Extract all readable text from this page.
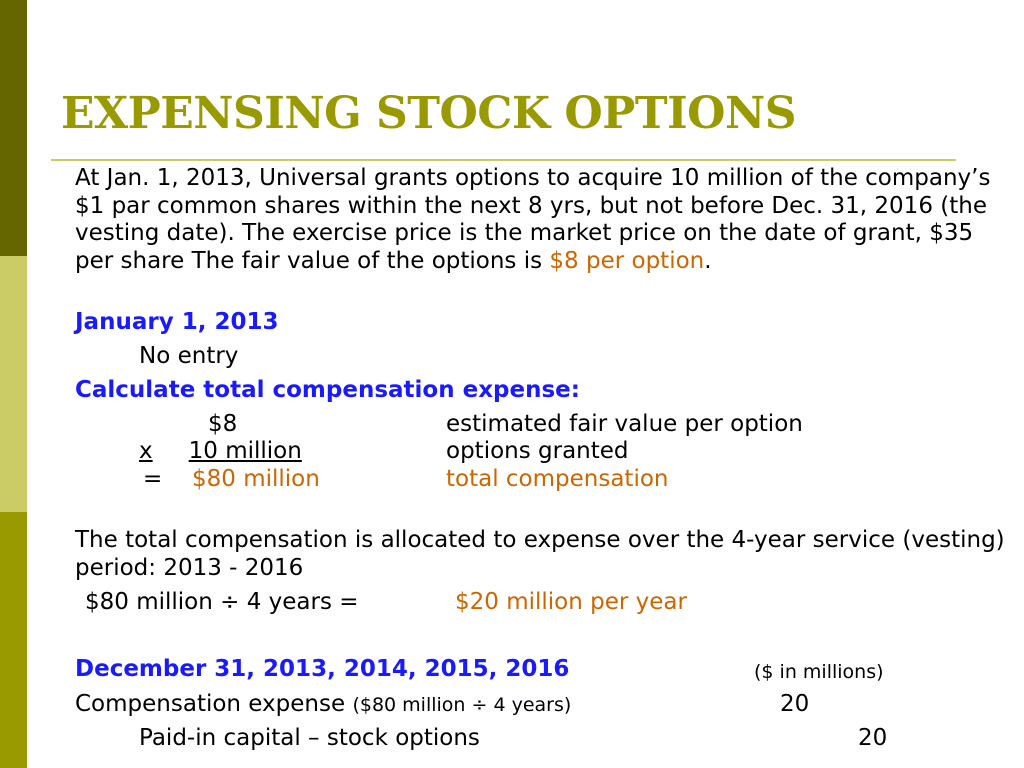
EXPENSING STOCK OPTIONS
At Jan. 1, 2013, Universal grants options to acquire 10 million of the company’s $1 par common shares within the next 8 yrs, but not before Dec. 31, 2016 (the vesting date). The exercise price is the market price on the date of grant, $35 per share The fair value of the options is $8 per option.
January 1, 2013
No entry
Calculate total compensation expense:
$8	estimated fair value per option
x 10 million	options granted
= $80 million	total compensation
The total compensation is allocated to expense over the 4-year service (vesting) period: 2013 - 2016
$80 million ÷ 4 years =	$20 million per year
December 31, 2013, 2014, 2015, 2016	($ in millions)
Compensation expense ($80 million ÷ 4 years)	20
Paid-in capital – stock options	20
